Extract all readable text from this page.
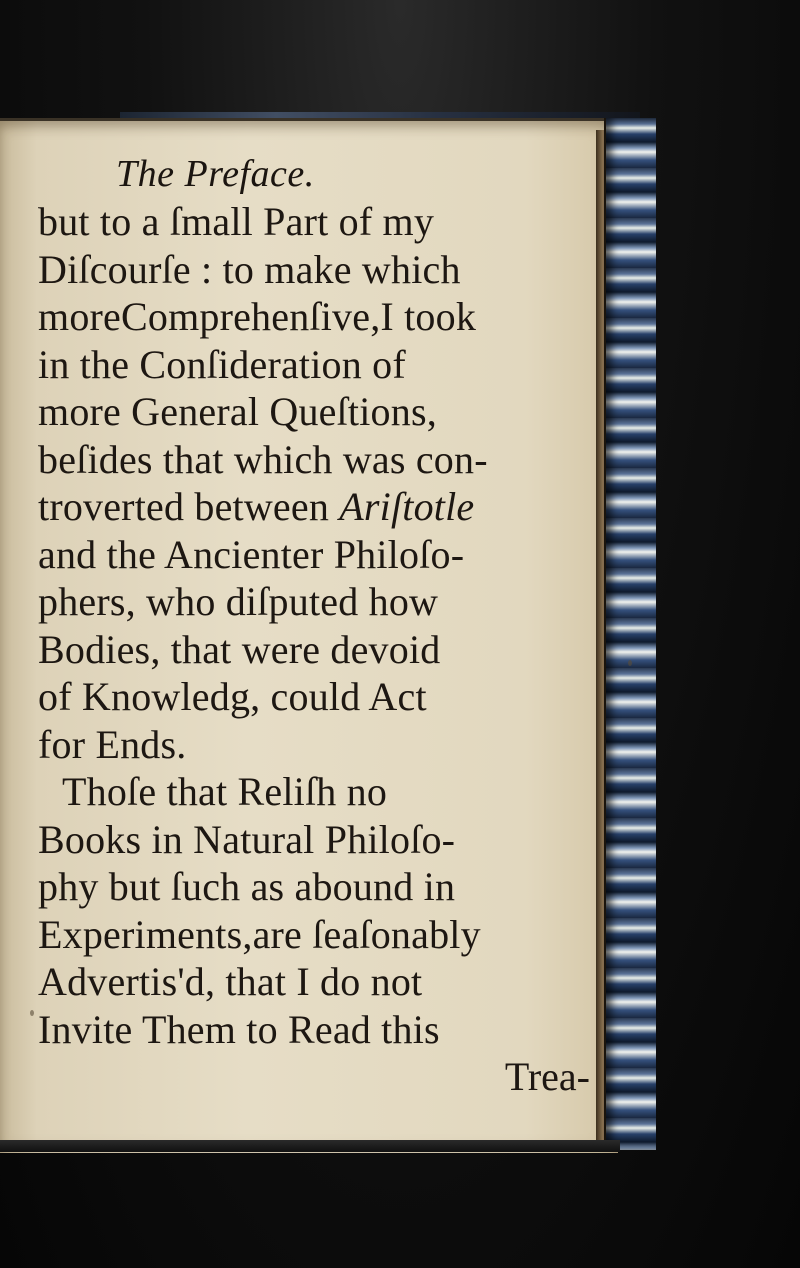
The Preface.
but to a ſmall Part of my
Diſcourſe : to make which
moreComprehenſive,I took
in the Conſideration of
more General Queſtions,
beſides that which was con-
troverted between Ariſtotle
and the Ancienter Philoſo-
phers, who diſputed how
Bodies, that were devoid
of Knowledg, could Act
for Ends.
Thoſe that Reliſh no
Books in Natural Philoſo-
phy but ſuch as abound in
Experiments,are ſeaſonably
Advertis'd, that I do not
Invite Them to Read this
Trea-
